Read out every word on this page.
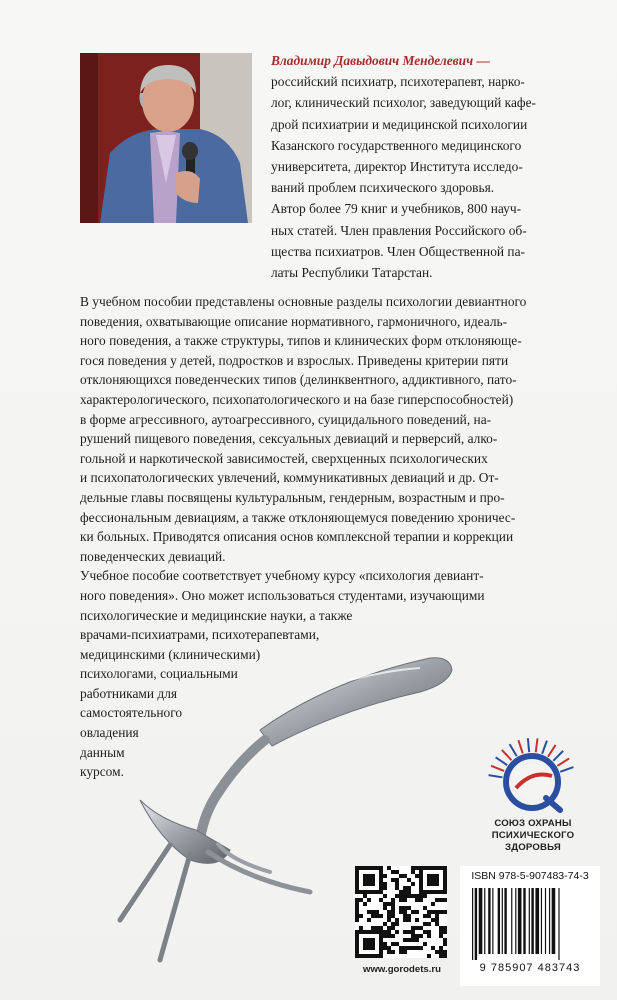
Владимир Давыдович Менделевич —

российский психиатр, психотерапевт, нарко-
лог, клинический психолог, заведующий кафе-
дрой психиатрии и медицинской психологии
Казанского государственного медицинского
университета, директор Института исследо-
ваний проблем психического здоровья.
Автор более 79 книг и учебников, 800 науч-
ных статей. Член правления Российского об-
щества психиатров. Член Общественной па-
латы Республики Татарстан.

В учебном пособии представлены основные разделы психологии девиантного
поведения, охватывающие описание нормативного, гармоничного, идеаль-
ного поведения, а также структуры, типов и клинических форм отклоняюще-
гося поведения у детей, подростков и взрослых. Приведены критерии пяти
отклоняющихся поведенческих типов (делинквентного, аддиктивного, пато-
характерологического, психопатологического и на базе гиперспособностей)
в форме агрессивного, аутоагрессивного, суицидального поведений, на-
рушений пищевого поведения, сексуальных девиаций и перверсий, алко-
гольной и наркотической зависимостей, сверхценных психологических
и психопатологических увлечений, коммуникативных девиаций и др. От-
дельные главы посвящены культуральным, гендерным, возрастным и про-
фессиональным девиациям, а также отклоняющемуся поведению хроничес-
ки больных. Приводятся описания основ комплексной терапии и коррекции
поведенческих девиаций.

Учебное пособие соответствует учебному курсу «психология девиант-
ного поведения». Оно может использоваться студентами, изучающими
психологические и медицинские науки, а также
врачами-психиатрами, психотерапевтами,
медицинскими (клиническими)
психологами, социальными
работниками для
самостоятельного
овладения
данным
курсом.

СОЮЗ ОХРАНЫ
ПСИХИЧЕСКОГО ЗДОРОВЬЯ
www.gorodets.ru
ISBN 978-5-907483-74-3
9 785907 483743
